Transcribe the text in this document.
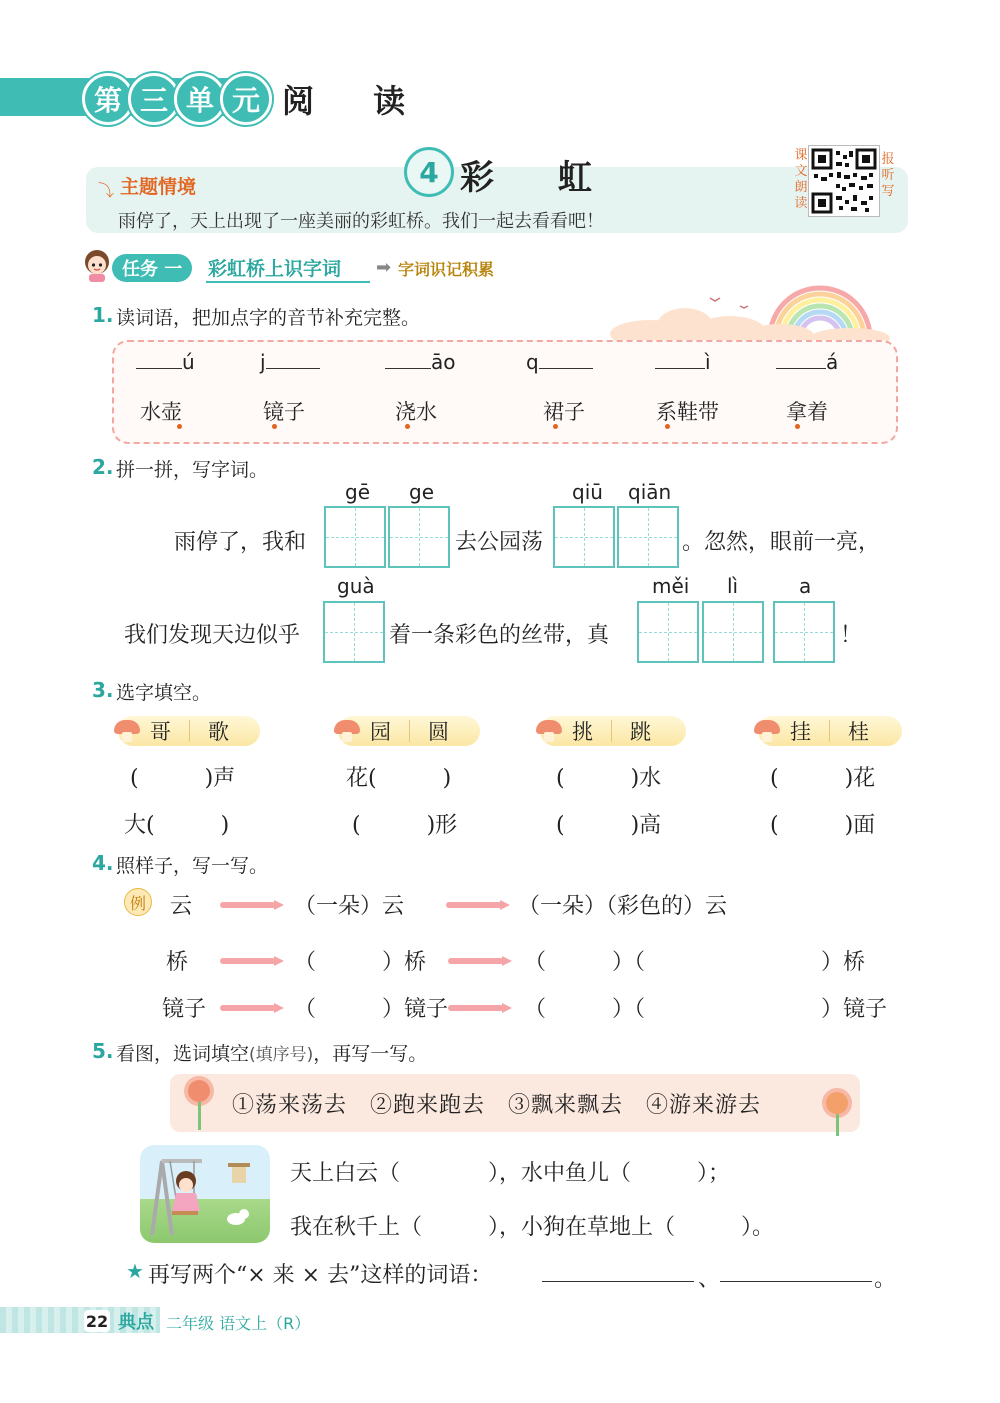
第 三 单 元 阅 读
4 彩 虹
⤵ 主题情境
雨停了，天上出现了一座美丽的彩虹桥。我们一起去看看吧！
课文朗读
报听写
任务 一	彩虹桥上识字词 ➡ 字词识记积累
1. 读词语，把加点字的音节补充完整。
ú	j	āo	q	ì	á
水壶	镜子	浇水	裙子	系鞋带	拿着
2. 拼一拼，写字词。
gē ge	qiū qiān
雨停了，我和	去公园荡	。忽然，眼前一亮，
guà	měi lì	a
我们发现天边似乎	着一条彩色的丝带，真	！
3. 选字填空。
哥 歌	园 圆	挑 跳	挂 桂
(　　　)声	花(　　　)	(　　　)水	(　　　)花
大(　　　)	(　　　)形	(　　　)高	(　　　)面
4. 照样子，写一写。
例 云	（一朵）云	（一朵）（彩色的）云
桥	（　　　）桥	（　　　）（　　　　　　　　）桥
镜子	（　　　）镜子	（　　　）（　　　　　　　　）镜子
5. 看图，选词填空(填序号)，再写一写。
①荡来荡去　②跑来跑去　③飘来飘去　④游来游去
天上白云（　　　　），水中鱼儿（　　　）；
我在秋千上（　　　），小狗在草地上（　　　）。
★ 再写两个“× 来 × 去”这样的词语：	、	。
22 典点 二年级 语文上（R）
